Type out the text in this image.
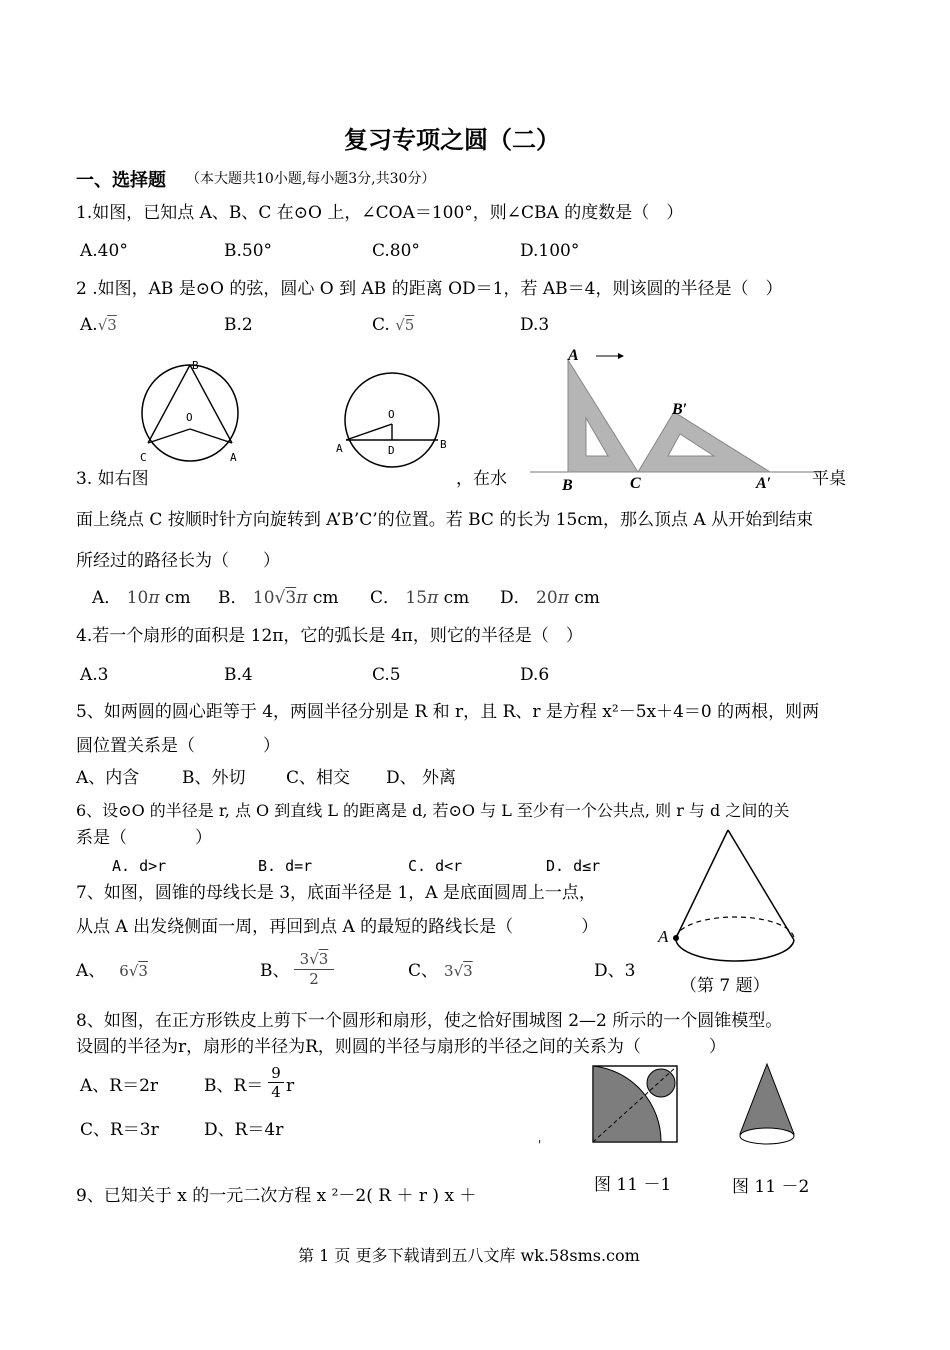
复习专项之圆（二）
一、选择题 （本大题共10小题,每小题3分,共30分）
1.如图，已知点 A、B、C 在⊙O 上，∠COA＝100°，则∠CBA 的度数是（　）
A.40°	B.50°	C.80°	D.100°
2 .如图，AB 是⊙O 的弦，圆心 O 到 AB 的距离 OD＝1，若 AB＝4，则该圆的半径是（　）
A.√3	B.2	C. √5	D.3
B
O
C	A
O
A	D	B
A
B′
B	C	A′
3. 如右图	，在水	平桌
面上绕点 C 按顺时针方向旋转到 A’B’C’的位置。若 BC 的长为 15cm，那么顶点 A 从开始到结束
所经过的路径长为（　　）
A． 10π cm B． 10√3π cm C． 15π cm D． 20π cm
4.若一个扇形的面积是 12π，它的弧长是 4π，则它的半径是（　）
A.3	B.4	C.5	D.6
5、如两圆的圆心距等于 4，两圆半径分别是 R 和 r，且 R、r 是方程 x²－5x＋4＝0 的两根，则两
圆位置关系是（　　　　）
A、内含	B、外切 C、相交 D、 外离
6、设⊙O 的半径是 r, 点 O 到直线 L 的距离是 d, 若⊙O 与 L 至少有一个公共点, 则 r 与 d 之间的关
系是（　　　　）
A. d>r	B. d=r	C. d<r	D. d≤r
A
（第 7 题）
7、如图，圆锥的母线长是 3，底面半径是 1，A 是底面圆周上一点，
从点 A 出发绕侧面一周，再回到点 A 的最短的路线长是（　　　　）
A、 6√3	B、 $\frac{3√3}{2}$	C、 3√3	D、3
8、如图，在正方形铁皮上剪下一个圆形和扇形，使之恰好围城图 2—2 所示的一个圆锥模型。
设圆的半径为r，扇形的半径为R，则圆的半径与扇形的半径之间的关系为（　　　　）
A、R＝2r	B、$R= \frac{9}{4}$ r
C、R＝3r	D、R＝4r
'
图 11 －1	图 11 －2
9、已知关于 x 的一元二次方程 x ²－2( R ＋ r ) x ＋
第 1 页 更多下载请到五八文库 wk.58sms.com
